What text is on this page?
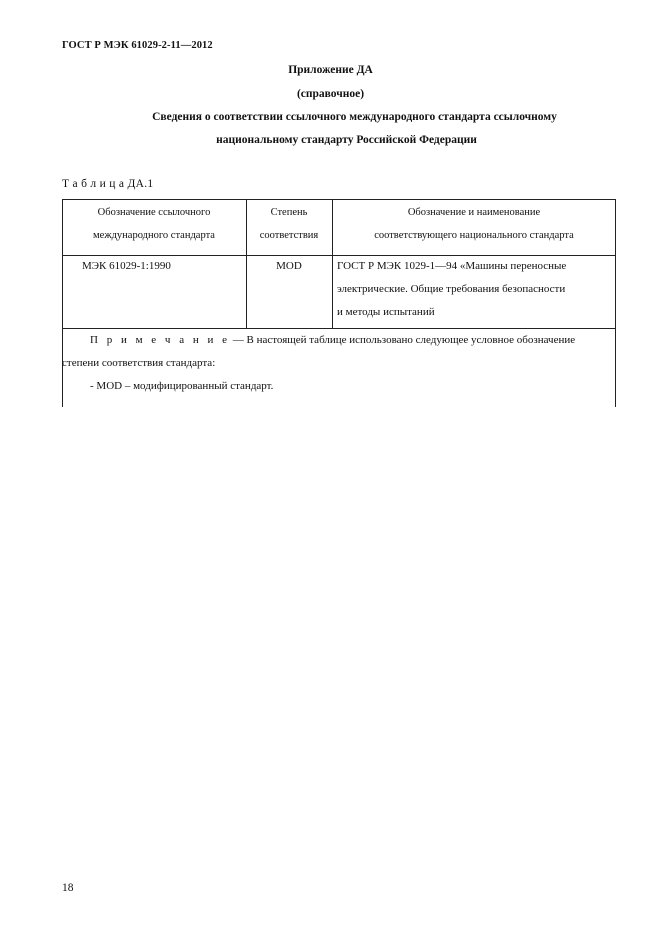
ГОСТ Р МЭК 61029-2-11—2012
Приложение ДА
(справочное)
Сведения о соответствии ссылочного международного стандарта ссылочному
национальному стандарту Российской Федерации
Т а б л и ц а ДА.1
Обозначение ссылочного
международного стандарта
Степень
соответствия
Обозначение и наименование
соответствующего национального стандарта
МЭК 61029-1:1990	MOD	ГОСТ Р МЭК 1029-1—94 «Машины переносные
электрические. Общие требования безопасности
и методы испытаний
П р и м е ч а н и е — В настоящей таблице использовано следующее условное обозначение
степени соответствия стандарта:
- MOD – модифицированный стандарт.
18
